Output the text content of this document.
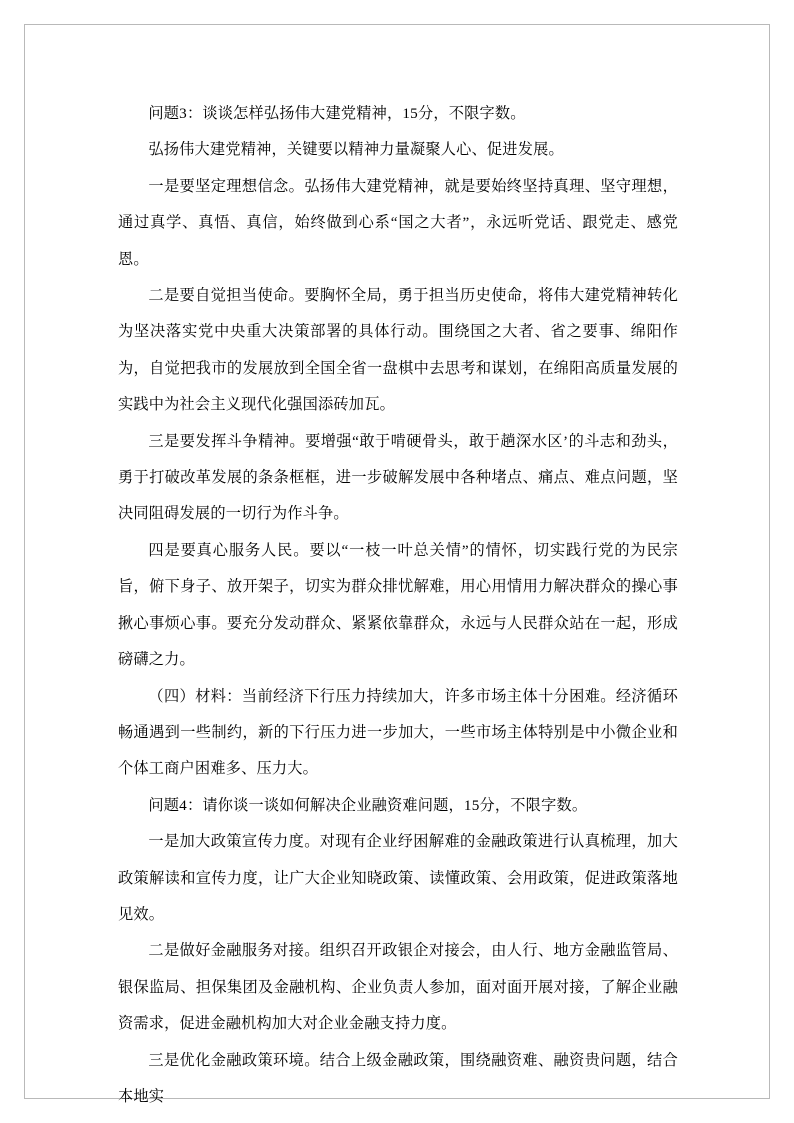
问题3：谈谈怎样弘扬伟大建党精神，15分，不限字数。

弘扬伟大建党精神，关键要以精神力量凝聚人心、促进发展。

一是要坚定理想信念。弘扬伟大建党精神，就是要始终坚持真理、坚守理想，通过真学、真悟、真信，始终做到心系“国之大者”，永远听党话、跟党走、感党恩。

二是要自觉担当使命。要胸怀全局，勇于担当历史使命，将伟大建党精神转化为坚决落实党中央重大决策部署的具体行动。围绕国之大者、省之要事、绵阳作为，自觉把我市的发展放到全国全省一盘棋中去思考和谋划，在绵阳高质量发展的实践中为社会主义现代化强国添砖加瓦。

三是要发挥斗争精神。要增强“敢于啃硬骨头，敢于趟深水区’的斗志和劲头，勇于打破改革发展的条条框框，进一步破解发展中各种堵点、痛点、难点问题，坚决同阻碍发展的一切行为作斗争。

四是要真心服务人民。要以“一枝一叶总关情”的情怀，切实践行党的为民宗旨，俯下身子、放开架子，切实为群众排忧解难，用心用情用力解决群众的操心事揪心事烦心事。要充分发动群众、紧紧依靠群众，永远与人民群众站在一起，形成磅礴之力。

（四）材料：当前经济下行压力持续加大，许多市场主体十分困难。经济循环畅通遇到一些制约，新的下行压力进一步加大，一些市场主体特别是中小微企业和个体工商户困难多、压力大。

问题4：请你谈一谈如何解决企业融资难问题，15分，不限字数。

一是加大政策宣传力度。对现有企业纾困解难的金融政策进行认真梳理，加大政策解读和宣传力度，让广大企业知晓政策、读懂政策、会用政策，促进政策落地见效。

二是做好金融服务对接。组织召开政银企对接会，由人行、地方金融监管局、银保监局、担保集团及金融机构、企业负责人参加，面对面开展对接，了解企业融资需求，促进金融机构加大对企业金融支持力度。

三是优化金融政策环境。结合上级金融政策，围绕融资难、融资贵问题，结合本地实
